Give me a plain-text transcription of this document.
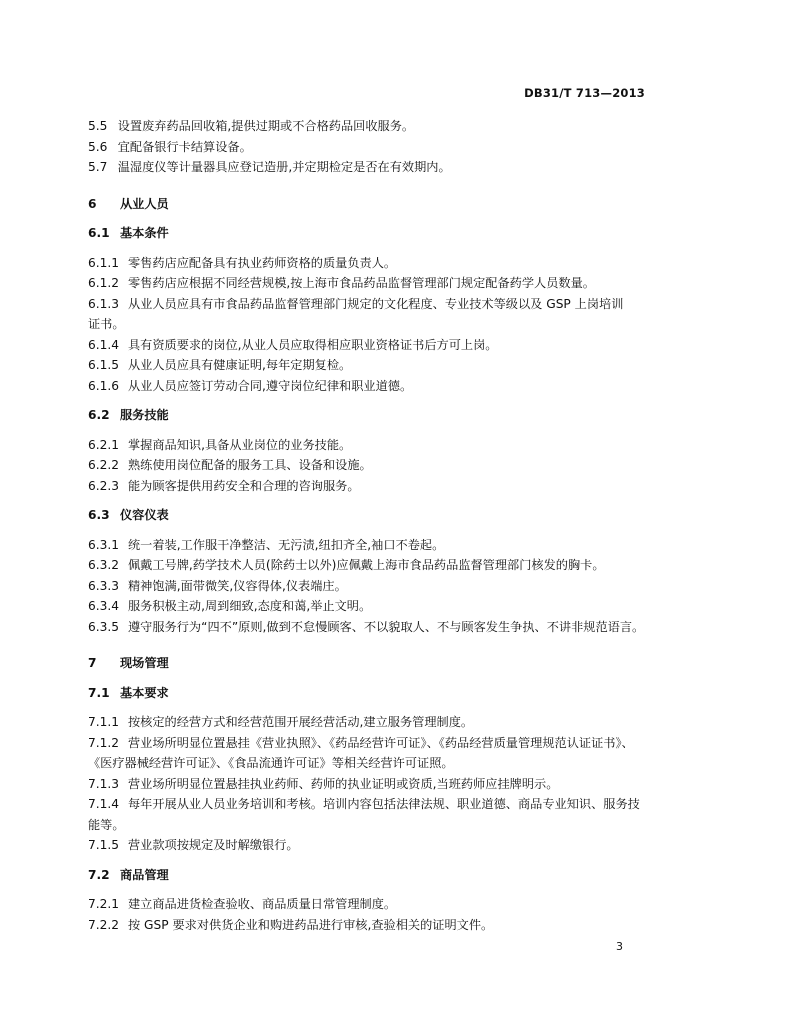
DB31/T 713—2013
5.5 设置废弃药品回收箱,提供过期或不合格药品回收服务。
5.6 宜配备银行卡结算设备。
5.7 温湿度仪等计量器具应登记造册,并定期检定是否在有效期内。
6 从业人员
6.1 基本条件
6.1.1 零售药店应配备具有执业药师资格的质量负责人。
6.1.2 零售药店应根据不同经营规模,按上海市食品药品监督管理部门规定配备药学人员数量。
6.1.3 从业人员应具有市食品药品监督管理部门规定的文化程度、专业技术等级以及 GSP 上岗培训
证书。
6.1.4 具有资质要求的岗位,从业人员应取得相应职业资格证书后方可上岗。
6.1.5 从业人员应具有健康证明,每年定期复检。
6.1.6 从业人员应签订劳动合同,遵守岗位纪律和职业道德。
6.2 服务技能
6.2.1 掌握商品知识,具备从业岗位的业务技能。
6.2.2 熟练使用岗位配备的服务工具、设备和设施。
6.2.3 能为顾客提供用药安全和合理的咨询服务。
6.3 仪容仪表
6.3.1 统一着装,工作服干净整洁、无污渍,纽扣齐全,袖口不卷起。
6.3.2 佩戴工号牌,药学技术人员(除药士以外)应佩戴上海市食品药品监督管理部门核发的胸卡。
6.3.3 精神饱满,面带微笑,仪容得体,仪表端庄。
6.3.4 服务积极主动,周到细致,态度和蔼,举止文明。
6.3.5 遵守服务行为“四不”原则,做到不怠慢顾客、不以貌取人、不与顾客发生争执、不讲非规范语言。
7 现场管理
7.1 基本要求
7.1.1 按核定的经营方式和经营范围开展经营活动,建立服务管理制度。
7.1.2 营业场所明显位置悬挂《营业执照》、《药品经营许可证》、《药品经营质量管理规范认证证书》、
《医疗器械经营许可证》、《食品流通许可证》等相关经营许可证照。
7.1.3 营业场所明显位置悬挂执业药师、药师的执业证明或资质,当班药师应挂牌明示。
7.1.4 每年开展从业人员业务培训和考核。培训内容包括法律法规、职业道德、商品专业知识、服务技
能等。
7.1.5 营业款项按规定及时解缴银行。
7.2 商品管理
7.2.1 建立商品进货检查验收、商品质量日常管理制度。
7.2.2 按 GSP 要求对供货企业和购进药品进行审核,查验相关的证明文件。
3
